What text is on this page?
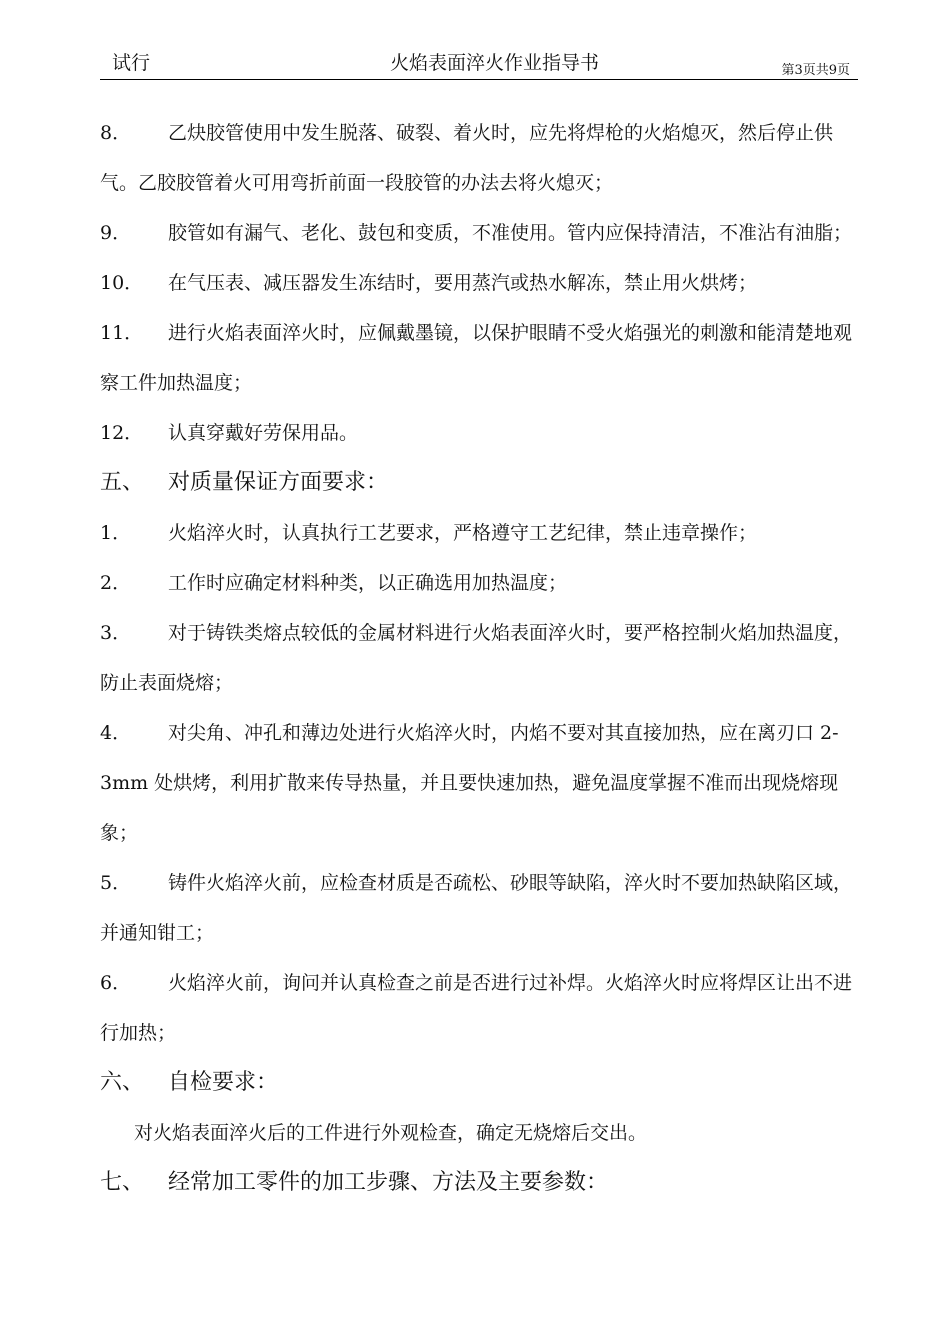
试行	火焰表面淬火作业指导书	第3页共9页
8．	乙炔胶管使用中发生脱落、破裂、着火时，应先将焊枪的火焰熄灭，然后停止供气。乙胶胶管着火可用弯折前面一段胶管的办法去将火熄灭；
9．	胶管如有漏气、老化、鼓包和变质，不准使用。管内应保持清洁，不准沾有油脂；
10．	在气压表、减压器发生冻结时，要用蒸汽或热水解冻，禁止用火烘烤；
11．	进行火焰表面淬火时，应佩戴墨镜，以保护眼睛不受火焰强光的刺激和能清楚地观察工件加热温度；
12．	认真穿戴好劳保用品。
五、	对质量保证方面要求：
1．	火焰淬火时，认真执行工艺要求，严格遵守工艺纪律，禁止违章操作；
2．	工作时应确定材料种类，以正确选用加热温度；
3．	对于铸铁类熔点较低的金属材料进行火焰表面淬火时，要严格控制火焰加热温度，防止表面烧熔；
4．	对尖角、冲孔和薄边处进行火焰淬火时，内焰不要对其直接加热，应在离刃口 2-3mm 处烘烤，利用扩散来传导热量，并且要快速加热，避免温度掌握不准而出现烧熔现象；
5．	铸件火焰淬火前，应检查材质是否疏松、砂眼等缺陷，淬火时不要加热缺陷区域，并通知钳工；
6．	火焰淬火前，询问并认真检查之前是否进行过补焊。火焰淬火时应将焊区让出不进行加热；
六、	自检要求：
对火焰表面淬火后的工件进行外观检查，确定无烧熔后交出。
七、	经常加工零件的加工步骤、方法及主要参数：
